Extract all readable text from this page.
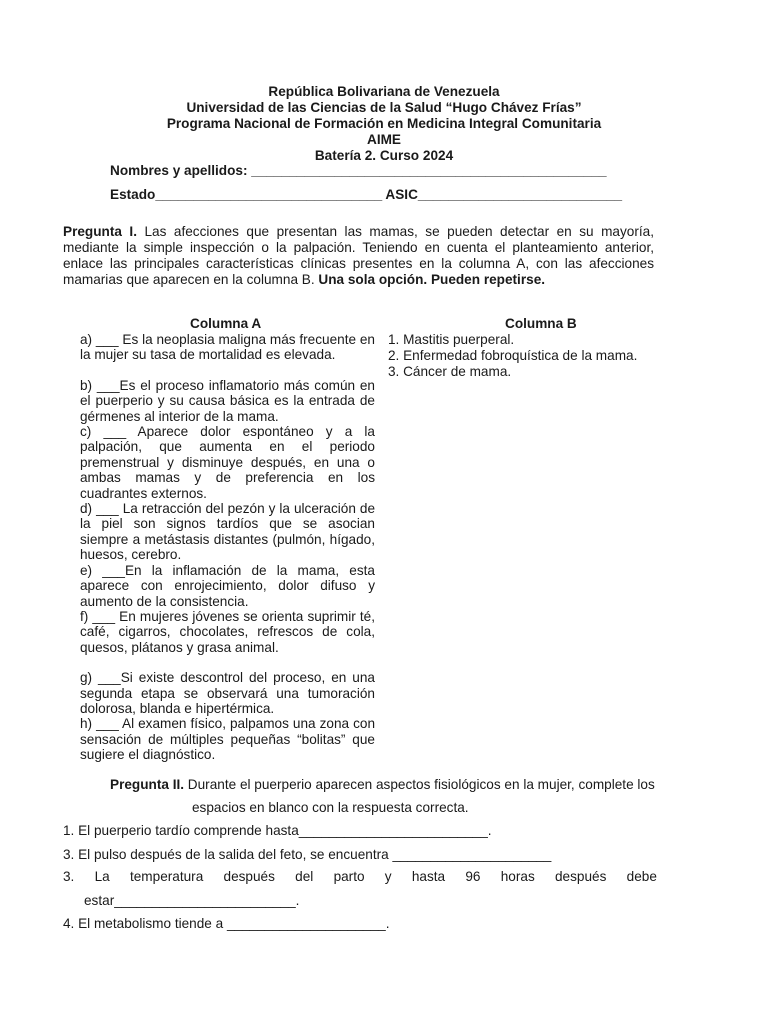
República Bolivariana de Venezuela
Universidad de las Ciencias de la Salud “Hugo Chávez Frías”
Programa Nacional de Formación en Medicina Integral Comunitaria
AIME
Batería 2. Curso 2024
Nombres y apellidos: _______________________________________________
Estado______________________________ ASIC___________________________
Pregunta I. Las afecciones que presentan las mamas, se pueden detectar en su mayoría, mediante la simple inspección o la palpación. Teniendo en cuenta el planteamiento anterior, enlace las principales características clínicas presentes en la columna A, con las afecciones mamarias que aparecen en la columna B. Una sola opción. Pueden repetirse.
Columna A	Columna B

a) ___ Es la neoplasia maligna más frecuente en la mujer su tasa de mortalidad es elevada.

b) ___Es el proceso inflamatorio más común en el puerperio y su causa básica es la entrada de gérmenes al interior de la mama.

c) ___ Aparece dolor espontáneo y a la palpación, que aumenta en el periodo premenstrual y disminuye después, en una o ambas mamas y de preferencia en los cuadrantes externos.

d) ___ La retracción del pezón y la ulceración de la piel son signos tardíos que se asocian siempre a metástasis distantes (pulmón, hígado, huesos, cerebro.

e) ___En la inflamación de la mama, esta aparece con enrojecimiento, dolor difuso y aumento de la consistencia.

f) ___ En mujeres jóvenes se orienta suprimir té, café, cigarros, chocolates, refrescos de cola, quesos, plátanos y grasa animal.

g) ___Si existe descontrol del proceso, en una segunda etapa se observará una tumoración dolorosa, blanda e hipertérmica.

h) ___ Al examen físico, palpamos una zona con sensación de múltiples pequeñas “bolitas” que sugiere el diagnóstico.

1. Mastitis puerperal.
2. Enfermedad fobroquística de la mama.
3. Cáncer de mama.
Pregunta II. Durante el puerperio aparecen aspectos fisiológicos en la mujer, complete los
espacios en blanco con la respuesta correcta.
1. El puerperio tardío comprende hasta_________________________.
3. El pulso después de la salida del feto, se encuentra _____________________
3. La temperatura después del parto y hasta 96 horas después debe
estar________________________.
4. El metabolismo tiende a _____________________.
